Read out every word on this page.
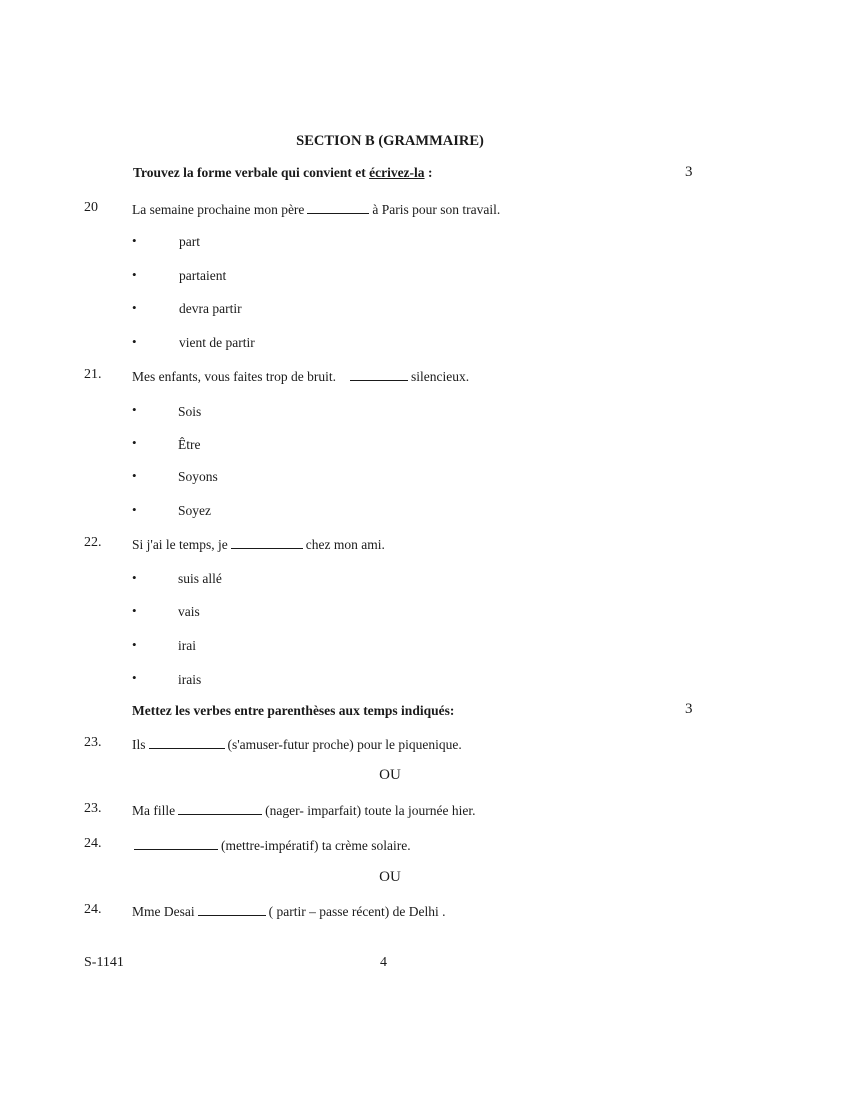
SECTION B (GRAMMAIRE)
Trouvez la forme verbale qui convient et écrivez-la :	3
20	La semaine prochaine mon père	à Paris pour son travail.
•	part
•	partaient
•	devra partir
•	vient de partir
21. Mes enfants, vous faites trop de bruit.	silencieux.
•	Sois
•	Être
•	Soyons
•	Soyez
22. Si j'ai le temps, je	chez mon ami.
•	suis allé
•	vais
•	irai
•	irais
Mettez les verbes entre parenthèses aux temps indiqués:	3
23. Ils	(s'amuser-futur proche) pour le piquenique.
OU
23. Ma fille	(nager- imparfait) toute la journée hier.
24.	(mettre-impératif) ta crème solaire.
OU
24. Mme Desai	( partir – passe récent) de Delhi .
S-1141	4
